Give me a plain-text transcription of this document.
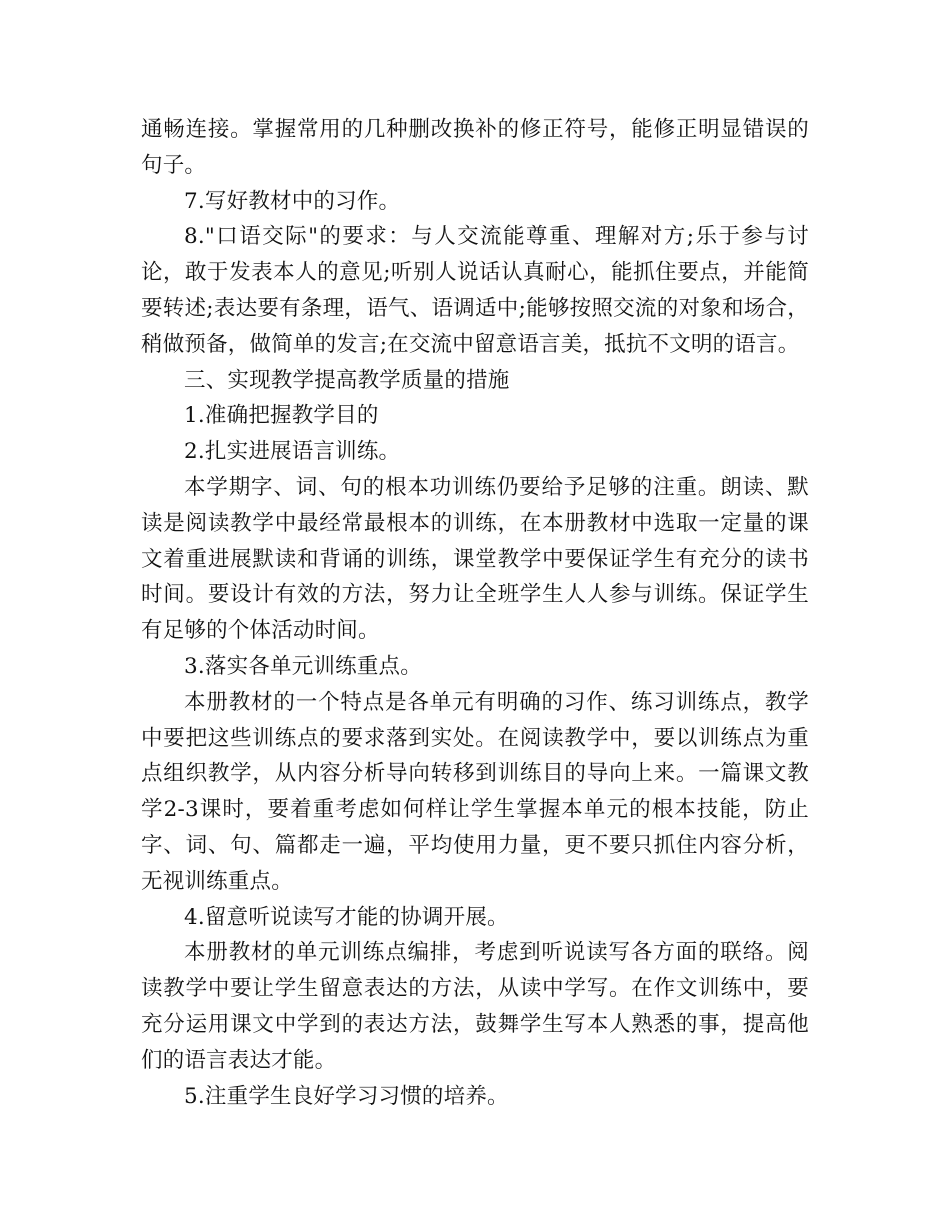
通畅连接。掌握常用的几种删改换补的修正符号，能修正明显错误的句子。

7.写好教材中的习作。

8."口语交际"的要求：与人交流能尊重、理解对方;乐于参与讨论，敢于发表本人的意见;听别人说话认真耐心，能抓住要点，并能简要转述;表达要有条理，语气、语调适中;能够按照交流的对象和场合，稍做预备，做简单的发言;在交流中留意语言美，抵抗不文明的语言。

三、实现教学提高教学质量的措施

1.准确把握教学目的

2.扎实进展语言训练。

本学期字、词、句的根本功训练仍要给予足够的注重。朗读、默读是阅读教学中最经常最根本的训练，在本册教材中选取一定量的课文着重进展默读和背诵的训练，课堂教学中要保证学生有充分的读书时间。要设计有效的方法，努力让全班学生人人参与训练。保证学生有足够的个体活动时间。

3.落实各单元训练重点。

本册教材的一个特点是各单元有明确的习作、练习训练点，教学中要把这些训练点的要求落到实处。在阅读教学中，要以训练点为重点组织教学，从内容分析导向转移到训练目的导向上来。一篇课文教学2-3课时，要着重考虑如何样让学生掌握本单元的根本技能，防止字、词、句、篇都走一遍，平均使用力量，更不要只抓住内容分析，无视训练重点。

4.留意听说读写才能的协调开展。

本册教材的单元训练点编排，考虑到听说读写各方面的联络。阅读教学中要让学生留意表达的方法，从读中学写。在作文训练中，要充分运用课文中学到的表达方法，鼓舞学生写本人熟悉的事，提高他们的语言表达才能。

5.注重学生良好学习习惯的培养。
